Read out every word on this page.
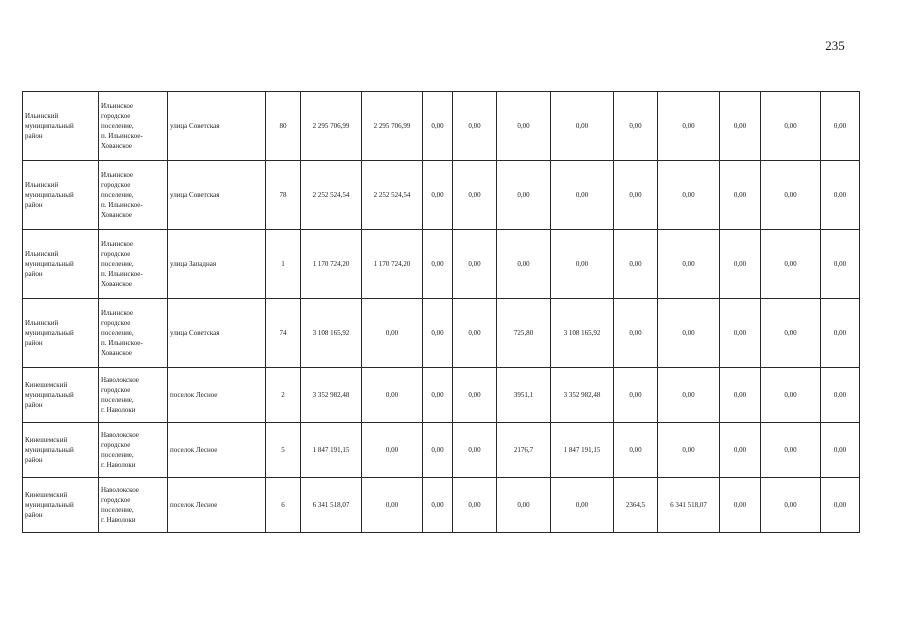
235
Ильинский
муниципальный
район	Ильинское
городское
поселение,
п. Ильинское-
Хованское	улица Советская	80	2 295 706,99	2 295 706,99	0,00	0,00	0,00	0,00	0,00	0,00	0,00	0,00	0,00
Ильинский
муниципальный
район	Ильинское
городское
поселение,
п. Ильинское-
Хованское	улица Советская	78	2 252 524,54	2 252 524,54	0,00	0,00	0,00	0,00	0,00	0,00	0,00	0,00	0,00
Ильинский
муниципальный
район	Ильинское
городское
поселение,
п. Ильинское-
Хованское	улица Западная	1	1 170 724,20	1 170 724,20	0,00	0,00	0,00	0,00	0,00	0,00	0,00	0,00	0,00
Ильинский
муниципальный
район	Ильинское
городское
поселение,
п. Ильинское-
Хованское	улица Советская	74	3 108 165,92	0,00	0,00	0,00	725,80	3 108 165,92	0,00	0,00	0,00	0,00	0,00
Кинешемский
муниципальный
район	Наволокское
городское
поселение,
г. Наволоки	поселок Лесное	2	3 352 982,48	0,00	0,00	0,00	3951,1	3 352 982,48	0,00	0,00	0,00	0,00	0,00
Кинешемский
муниципальный
район	Наволокское
городское
поселение,
г. Наволоки	поселок Лесное	5	1 847 191,15	0,00	0,00	0,00	2176,7	1 847 191,15	0,00	0,00	0,00	0,00	0,00
Кинешемский
муниципальный
район	Наволокское
городское
поселение,
г. Наволоки	поселок Лесное	6	6 341 518,07	0,00	0,00	0,00	0,00	0,00	2364,5	6 341 518,07	0,00	0,00	0,00
